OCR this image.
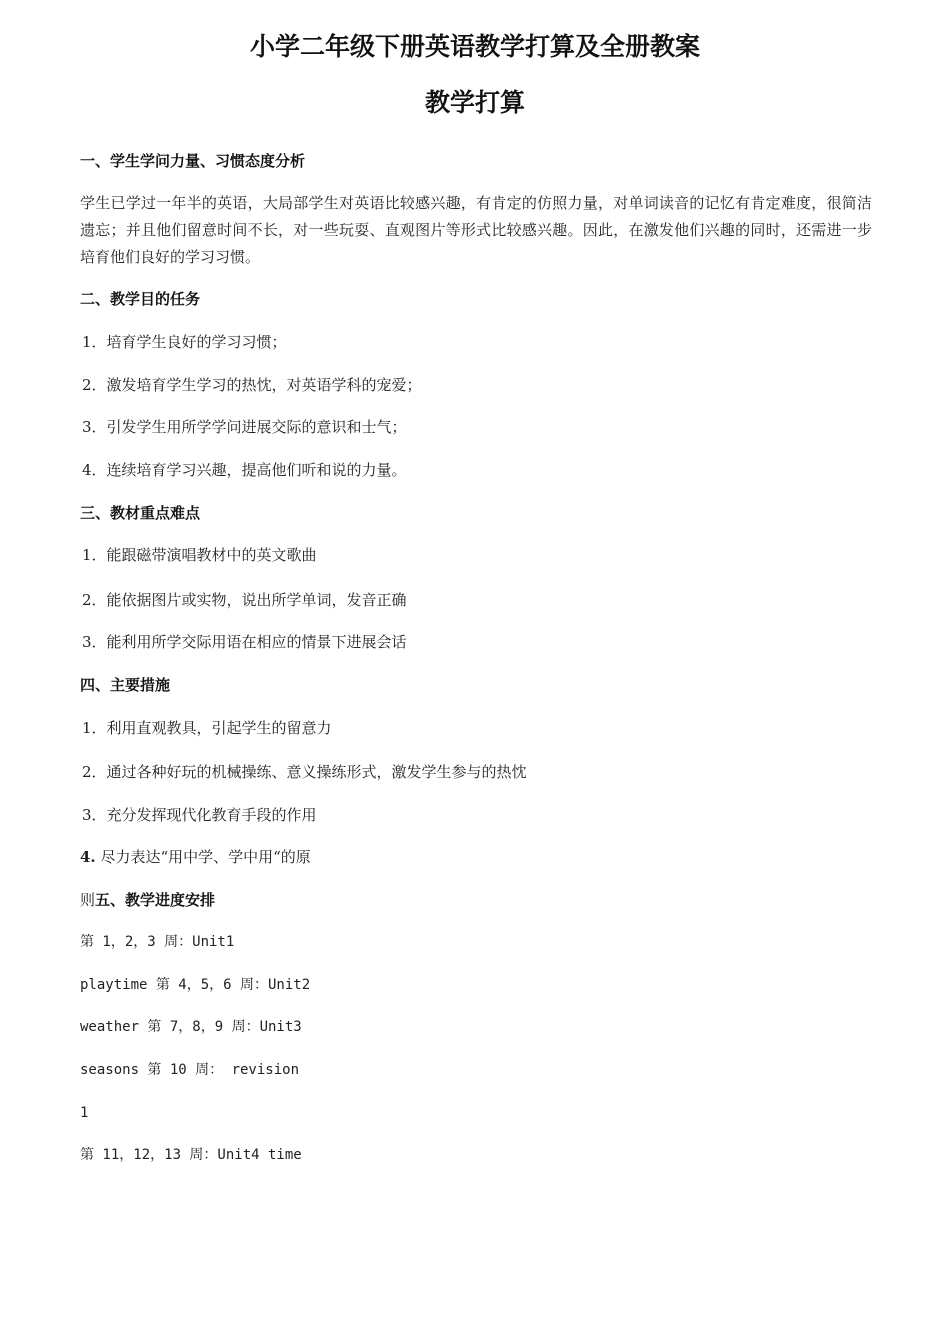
小学二年级下册英语教学打算及全册教案
教学打算

一、学生学问力量、习惯态度分析

学生已学过一年半的英语，大局部学生对英语比较感兴趣，有肯定的仿照力量，对单词读音的记忆有肯定难度，很简洁遗忘；并且他们留意时间不长，对一些玩耍、直观图片等形式比较感兴趣。因此，在激发他们兴趣的同时，还需进一步培育他们良好的学习习惯。

二、教学目的任务

1．培育学生良好的学习习惯；

2．激发培育学生学习的热忱，对英语学科的宠爱；

3．引发学生用所学学问进展交际的意识和士气；

4．连续培育学习兴趣，提高他们听和说的力量。

三、教材重点难点

1．能跟磁带演唱教材中的英文歌曲

2．能依据图片或实物，说出所学单词，发音正确

3．能利用所学交际用语在相应的情景下进展会话

四、主要措施

1．利用直观教具，引起学生的留意力

2．通过各种好玩的机械操练、意义操练形式，激发学生参与的热忱

3．充分发挥现代化教育手段的作用

4. 尽力表达“用中学、学中用“的原

则五、教学进度安排

第 1，2，3 周：Unit1

playtime 第 4，5，6 周：Unit2

weather 第 7，8，9 周：Unit3

seasons 第 10 周： revision

1

第 11，12，13 周：Unit4 time
